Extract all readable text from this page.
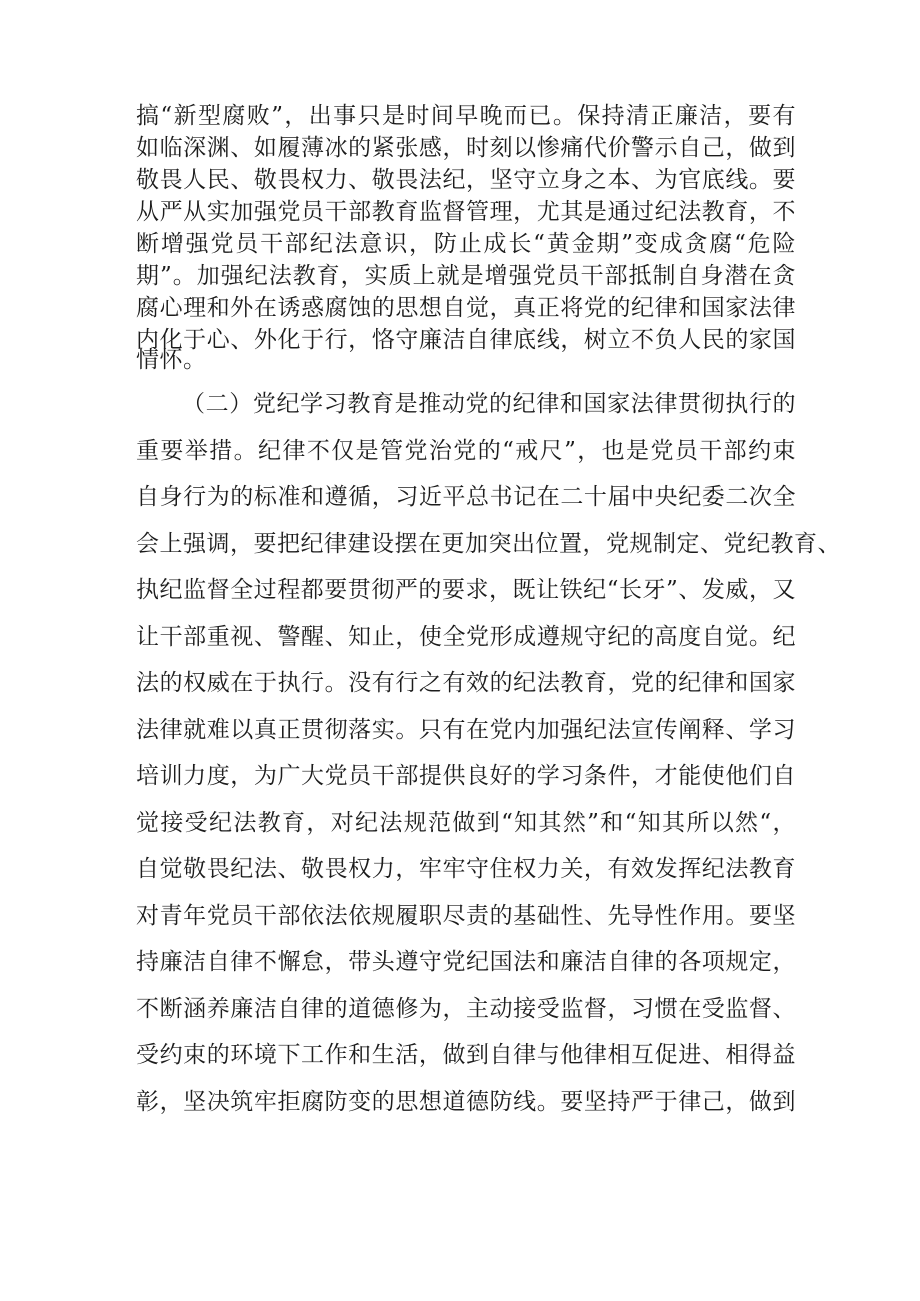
搞“新型腐败”，出事只是时间早晚而已。保持清正廉洁，要有

如临深渊、如履薄冰的紧张感，时刻以惨痛代价警示自己，做到

敬畏人民、敬畏权力、敬畏法纪，坚守立身之本、为官底线。要

从严从实加强党员干部教育监督管理，尤其是通过纪法教育，不

断增强党员干部纪法意识，防止成长“黄金期”变成贪腐“危险

期”。加强纪法教育，实质上就是增强党员干部抵制自身潜在贪

腐心理和外在诱惑腐蚀的思想自觉，真正将党的纪律和国家法律

内化于心、外化于行，恪守廉洁自律底线，树立不负人民的家国

情怀。

（二）党纪学习教育是推动党的纪律和国家法律贯彻执行的

重要举措。纪律不仅是管党治党的“戒尺”，也是党员干部约束

自身行为的标准和遵循，习近平总书记在二十届中央纪委二次全

会上强调，要把纪律建设摆在更加突出位置，党规制定、党纪教育、

执纪监督全过程都要贯彻严的要求，既让铁纪“长牙”、发威，又

让干部重视、警醒、知止，使全党形成遵规守纪的高度自觉。纪

法的权威在于执行。没有行之有效的纪法教育，党的纪律和国家

法律就难以真正贯彻落实。只有在党内加强纪法宣传阐释、学习

培训力度，为广大党员干部提供良好的学习条件，才能使他们自

觉接受纪法教育，对纪法规范做到“知其然”和“知其所以然“，

自觉敬畏纪法、敬畏权力，牢牢守住权力关，有效发挥纪法教育

对青年党员干部依法依规履职尽责的基础性、先导性作用。要坚

持廉洁自律不懈怠，带头遵守党纪国法和廉洁自律的各项规定，

不断涵养廉洁自律的道德修为，主动接受监督，习惯在受监督、

受约束的环境下工作和生活，做到自律与他律相互促进、相得益

彰，坚决筑牢拒腐防变的思想道德防线。要坚持严于律己，做到
